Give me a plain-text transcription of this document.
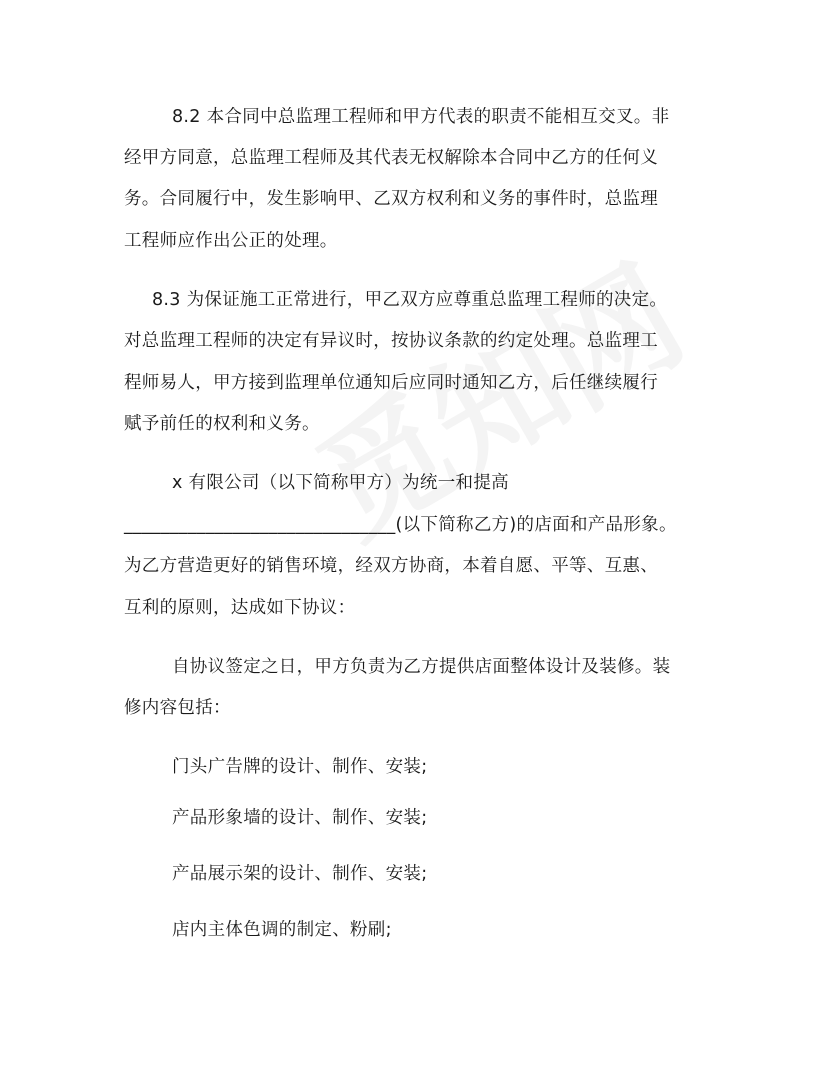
8.2 本合同中总监理工程师和甲方代表的职责不能相互交叉。非
经甲方同意，总监理工程师及其代表无权解除本合同中乙方的任何义
务。合同履行中，发生影响甲、乙双方权利和义务的事件时，总监理
工程师应作出公正的处理。
8.3 为保证施工正常进行，甲乙双方应尊重总监理工程师的决定。
对总监理工程师的决定有异议时，按协议条款的约定处理。总监理工
程师易人，甲方接到监理单位通知后应同时通知乙方，后任继续履行
赋予前任的权利和义务。
x 有限公司（以下简称甲方）为统一和提高
______________________________(以下简称乙方)的店面和产品形象。
为乙方营造更好的销售环境，经双方协商，本着自愿、平等、互惠、
互利的原则，达成如下协议：
自协议签定之日，甲方负责为乙方提供店面整体设计及装修。装
修内容包括：
门头广告牌的设计、制作、安装;
产品形象墙的设计、制作、安装;
产品展示架的设计、制作、安装;
店内主体色调的制定、粉刷;
